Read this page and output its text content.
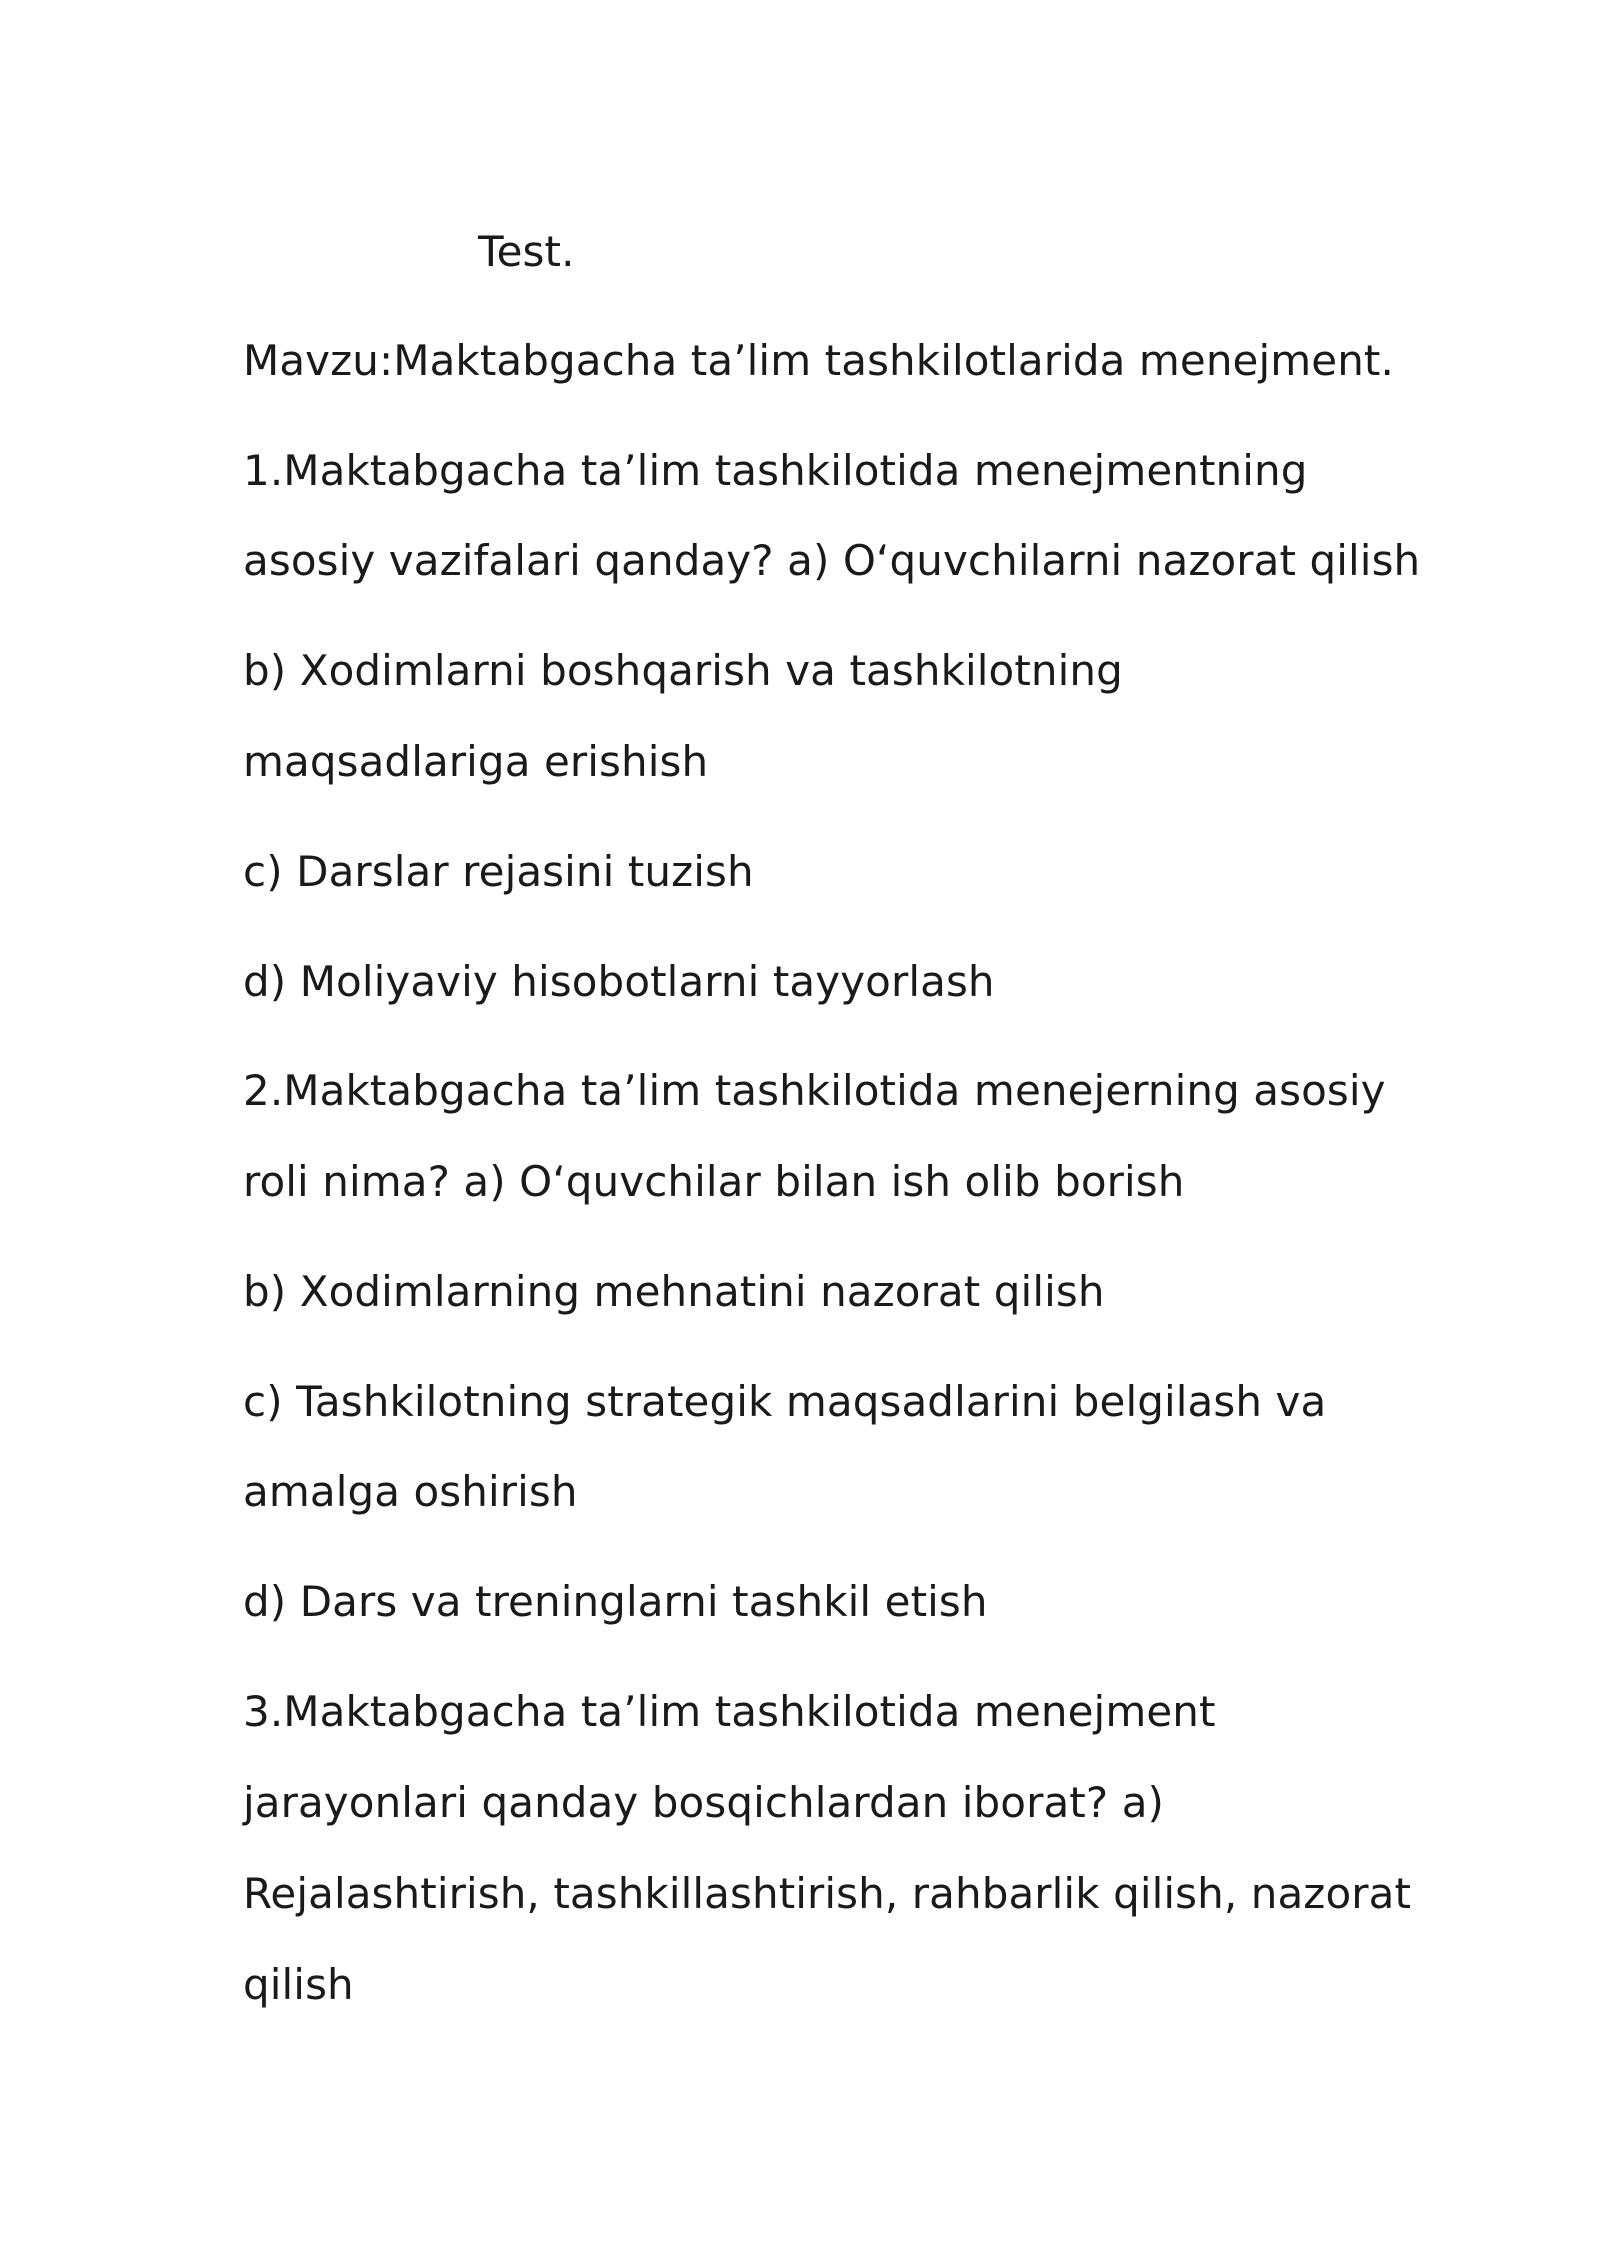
Test.
Mavzu:Maktabgacha ta’lim tashkilotlarida menejment.
1.Maktabgacha ta’lim tashkilotida menejmentning
asosiy vazifalari qanday? a) O‘quvchilarni nazorat qilish
b) Xodimlarni boshqarish va tashkilotning
maqsadlariga erishish
c) Darslar rejasini tuzish
d) Moliyaviy hisobotlarni tayyorlash
2.Maktabgacha ta’lim tashkilotida menejerning asosiy
roli nima? a) O‘quvchilar bilan ish olib borish
b) Xodimlarning mehnatini nazorat qilish
c) Tashkilotning strategik maqsadlarini belgilash va
amalga oshirish
d) Dars va treninglarni tashkil etish
3.Maktabgacha ta’lim tashkilotida menejment
jarayonlari qanday bosqichlardan iborat? a)
Rejalashtirish, tashkillashtirish, rahbarlik qilish, nazorat
qilish
